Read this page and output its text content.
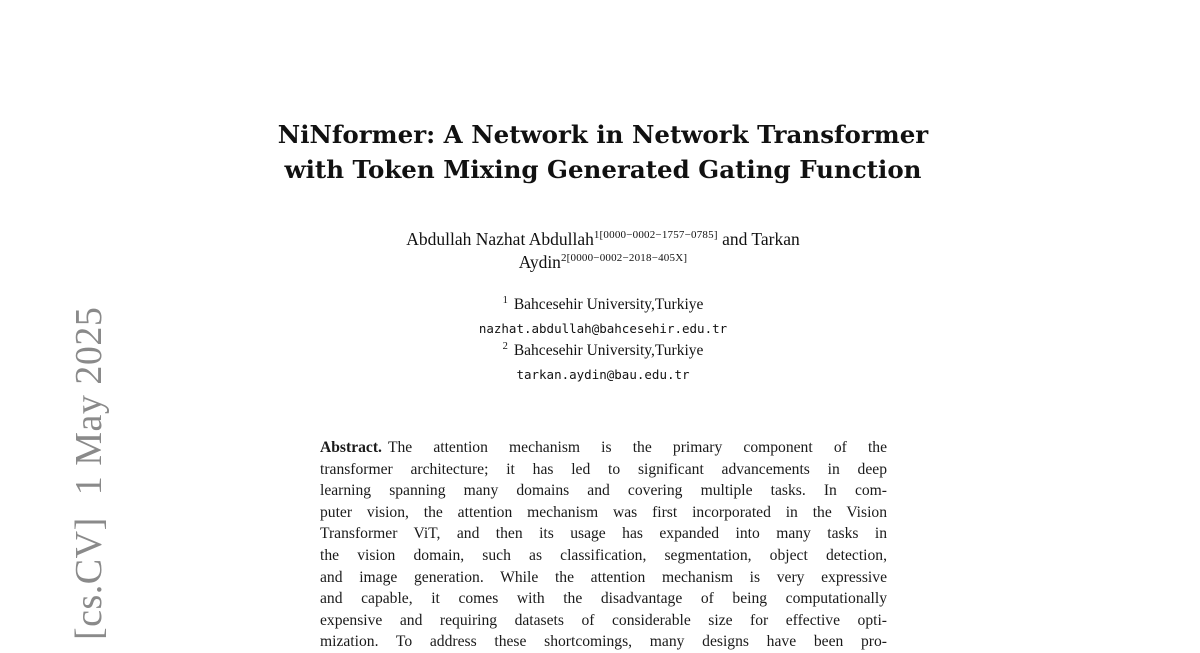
[cs.CV]1 May 2025
NiNformer: A Network in Network Transformer
with Token Mixing Generated Gating Function
Abdullah Nazhat Abdullah$^{1[0000-0002-1757-0785]}$ and Tarkan
Aydin$^{2[0000-0002-2018-405X]}$
$^1$ Bahcesehir University,Turkiye
nazhat.abdullah@bahcesehir.edu.tr
$^2$ Bahcesehir University,Turkiye
tarkan.aydin@bau.edu.tr
Abstract. The attention mechanism is the primary component of the
transformer architecture; it has led to significant advancements in deep
learning spanning many domains and covering multiple tasks. In com-
puter vision, the attention mechanism was first incorporated in the Vision
Transformer ViT, and then its usage has expanded into many tasks in
the vision domain, such as classification, segmentation, object detection,
and image generation. While the attention mechanism is very expressive
and capable, it comes with the disadvantage of being computationally
expensive and requiring datasets of considerable size for effective opti-
mization. To address these shortcomings, many designs have been pro-
